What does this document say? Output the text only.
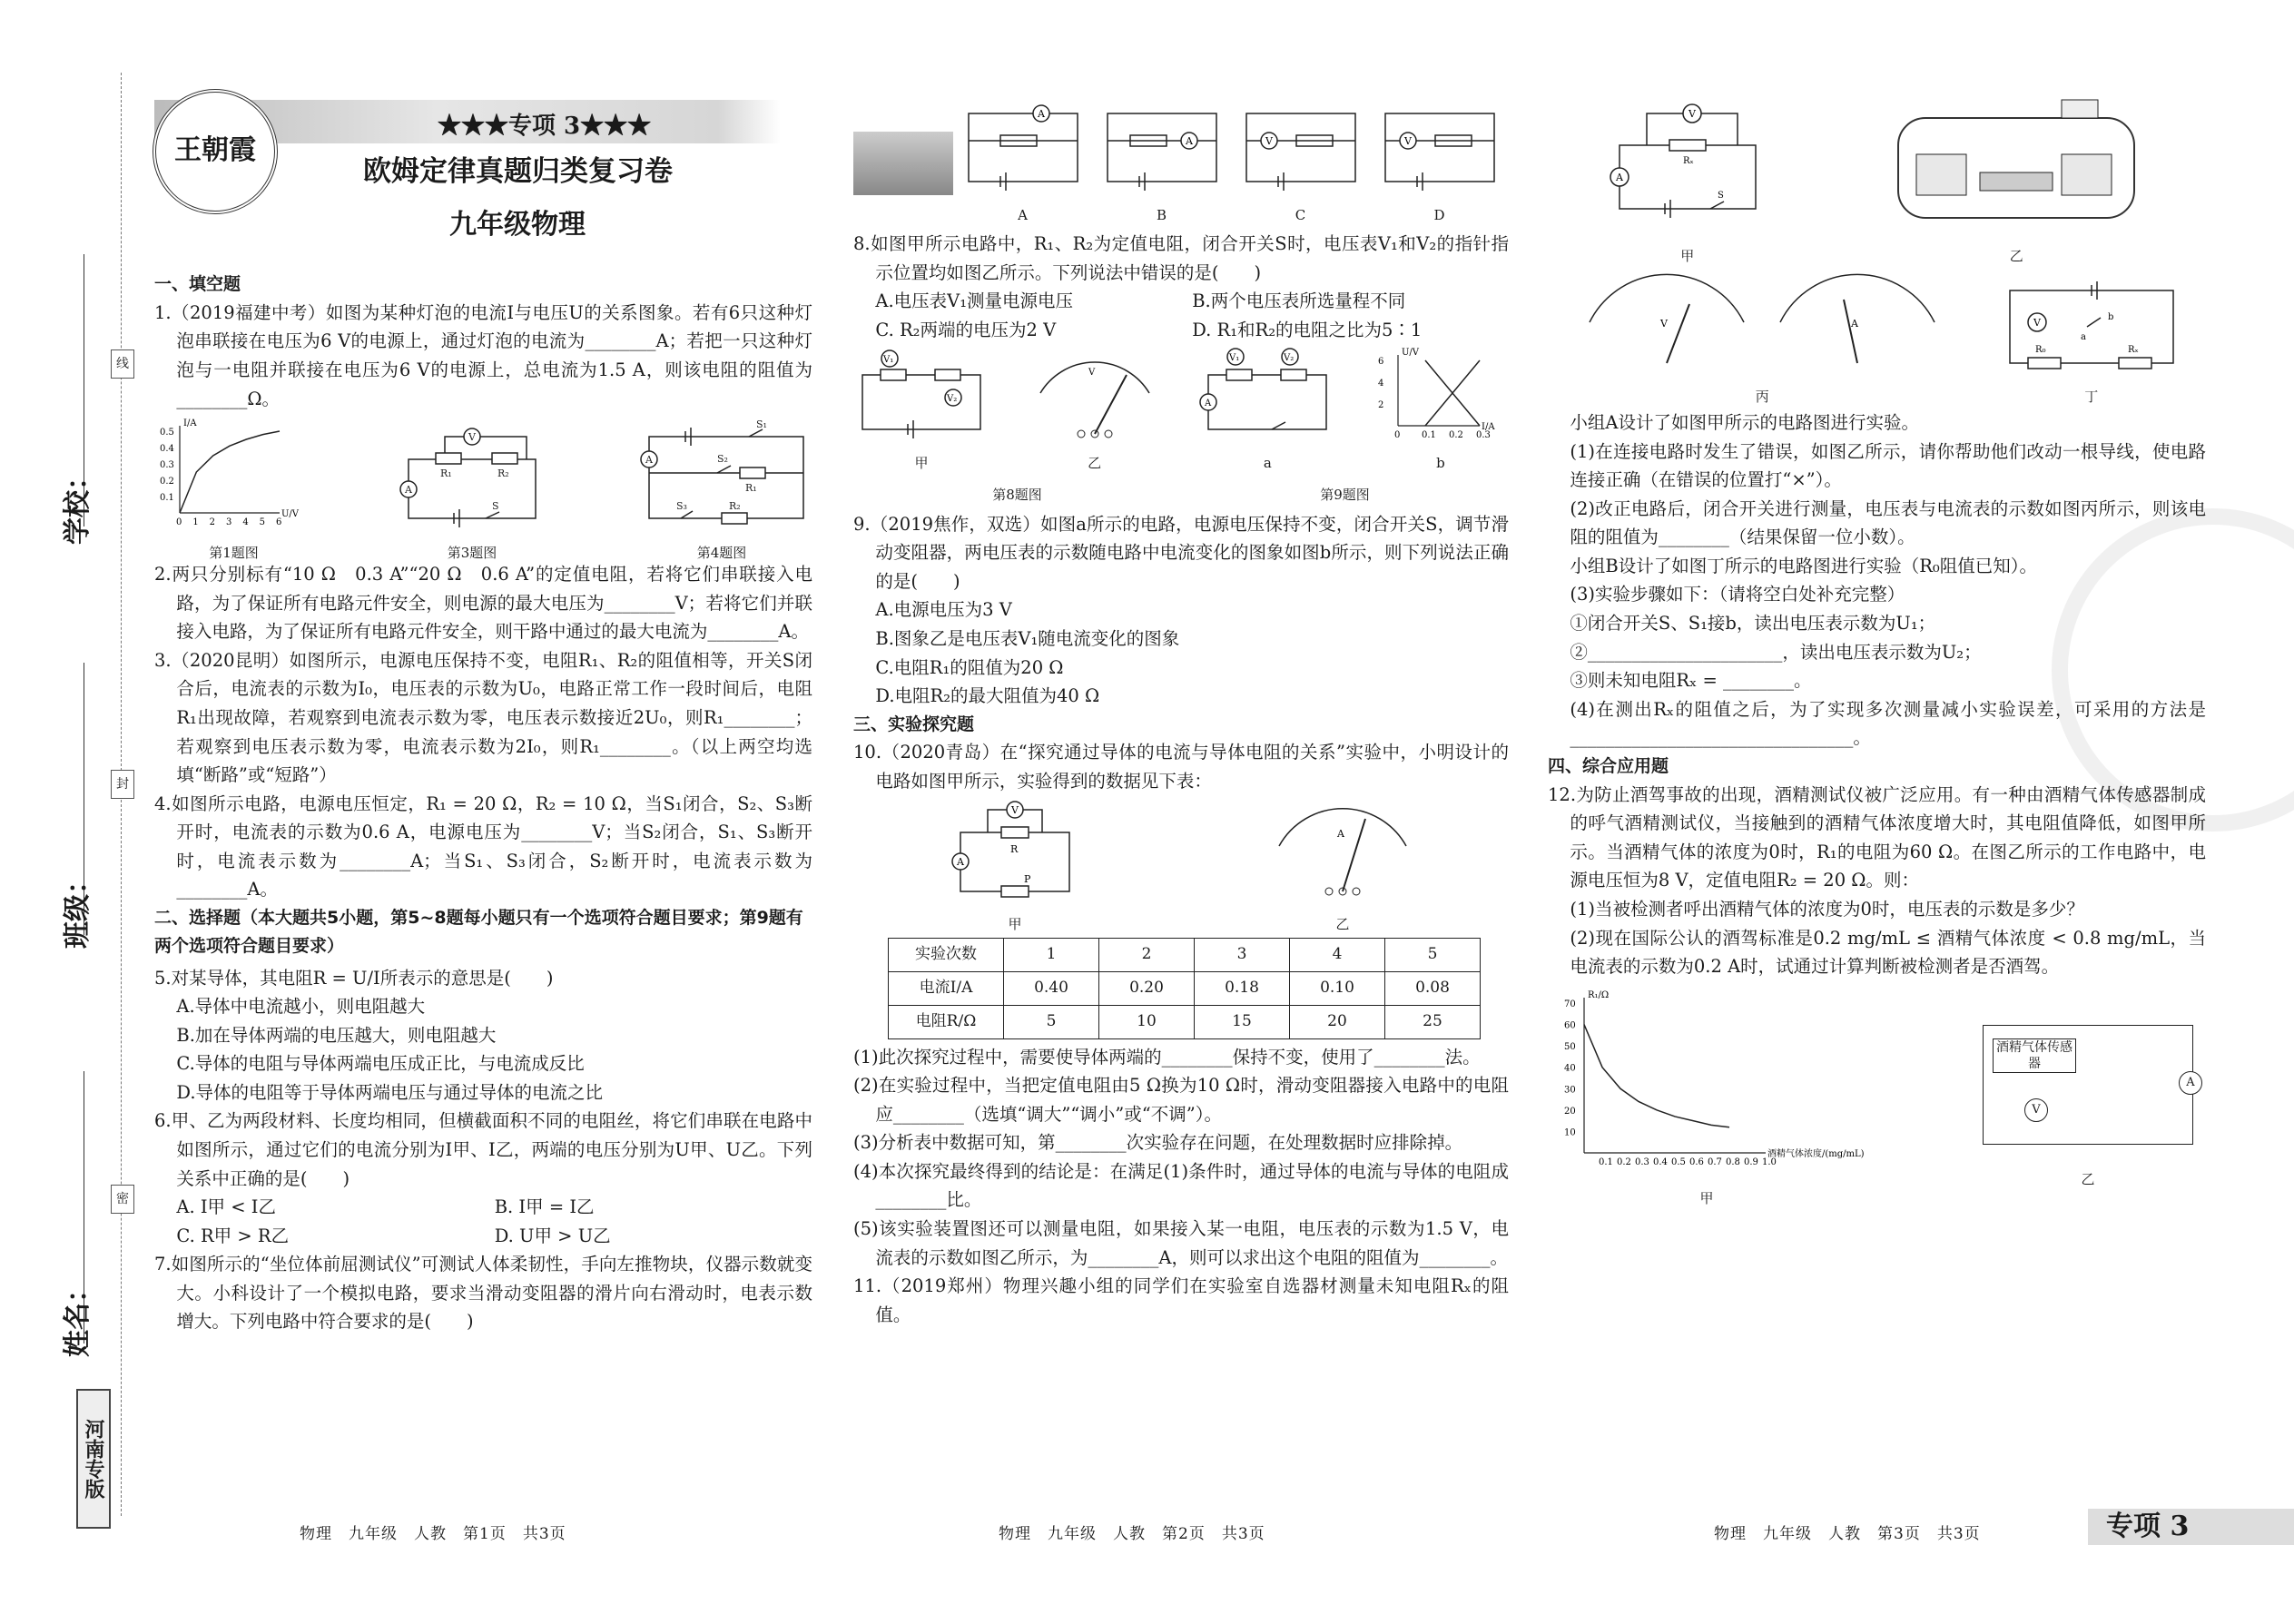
线
封
密
学校：
班级：
姓名：
河南专版
王朝霞
★★★专项 3★★★
欧姆定律真题归类复习卷
九年级物理

一、填空题

1.（2019福建中考）如图为某种灯泡的电流I与电压U的关系图象。若有6只这种灯泡串联接在电压为6 V的电源上，通过灯泡的电流为________A；若把一只这种灯泡与一电阻并联接在电压为6 V的电源上，总电流为1.5 A，则该电阻的阻值为________Ω。

0 1 2 3 4 5 6
0.1
0.2
0.3
0.4
0.5
U/V
I/A
第1题图
V
A
R₁	R₂
S
第3题图
A	S₂
S₁
R₁
R₂
S₃
第4题图

2.两只分别标有“10 Ω　0.3 A”“20 Ω　0.6 A”的定值电阻，若将它们串联接入电路，为了保证所有电路元件安全，则电源的最大电压为________V；若将它们并联接入电路，为了保证所有电路元件安全，则干路中通过的最大电流为________A。

3.（2020昆明）如图所示，电源电压保持不变，电阻R₁、R₂的阻值相等，开关S闭合后，电流表的示数为I₀，电压表的示数为U₀，电路正常工作一段时间后，电阻R₁出现故障，若观察到电流表示数为零，电压表示数接近2U₀，则R₁________；若观察到电压表示数为零，电流表示数为2I₀，则R₁________。（以上两空均选填“断路”或“短路”）

4.如图所示电路，电源电压恒定，R₁ = 20 Ω，R₂ = 10 Ω，当S₁闭合，S₂、S₃断开时，电流表的示数为0.6 A，电源电压为________V；当S₂闭合，S₁、S₃断开时，电流表示数为________A；当S₁、S₃闭合，S₂断开时，电流表示数为________A。

二、选择题（本大题共5小题，第5~8题每小题只有一个选项符合题目要求；第9题有两个选项符合题目要求）

5.对某导体，其电阻R = U/I所表示的意思是(　　)

A.导体中电流越小，则电阻越大

B.加在导体两端的电压越大，则电阻越大

C.导体的电阻与导体两端电压成正比，与电流成反比

D.导体的电阻等于导体两端电压与通过导体的电流之比

6.甲、乙为两段材料、长度均相同，但横截面积不同的电阻丝，将它们串联在电路中如图所示，通过它们的电流分别为I甲、I乙，两端的电压分别为U甲、U乙。下列关系中正确的是(　　)

A. I甲 < I乙	B. I甲 = I乙
C. R甲 > R乙	D. U甲 > U乙

7.如图所示的“坐位体前屈测试仪”可测试人体柔韧性，手向左推物块，仪器示数就变大。小科设计了一个模拟电路，要求当滑动变阻器的滑片向右滑动时，电表示数增大。下列电路中符合要求的是(　　)

物理　九年级　人教　第1页　共3页
A
A
A
B
V
C
V
D

8.如图甲所示电路中，R₁、R₂为定值电阻，闭合开关S时，电压表V₁和V₂的指针指示位置均如图乙所示。下列说法中错误的是(　　)

A.电压表V₁测量电源电压	B.两个电压表所选量程不同
C. R₂两端的电压为2 V	D. R₁和R₂的电阻之比为5∶1
V₁
V₂
甲
V
乙
V₁	V₂
A
a
0 0.1 0.2 0.3
2
4
6
I/A
U/V
b
第8题图	第9题图

9.（2019焦作，双选）如图a所示的电路，电源电压保持不变，闭合开关S，调节滑动变阻器，两电压表的示数随电路中电流变化的图象如图b所示，则下列说法正确的是(　　)

A.电源电压为3 V

B.图象乙是电压表V₁随电流变化的图象

C.电阻R₁的阻值为20 Ω

D.电阻R₂的最大阻值为40 Ω

三、实验探究题

10.（2020青岛）在“探究通过导体的电流与导体电阻的关系”实验中，小明设计的电路如图甲所示，实验得到的数据见下表：

V
A
R
P
甲
A
乙
实验次数	1	2	3	4	5
电流I/A	0.40	0.20	0.18	0.10	0.08
电阻R/Ω	5	10	15	20	25

(1)此次探究过程中，需要使导体两端的________保持不变，使用了________法。

(2)在实验过程中，当把定值电阻由5 Ω换为10 Ω时，滑动变阻器接入电路中的电阻应________（选填“调大”“调小”或“不调”）。

(3)分析表中数据可知，第________次实验存在问题，在处理数据时应排除掉。

(4)本次探究最终得到的结论是：在满足(1)条件时，通过导体的电流与导体的电阻成________比。

(5)该实验装置图还可以测量电阻，如果接入某一电阻，电压表的示数为1.5 V，电流表的示数如图乙所示，为________A，则可以求出这个电阻的阻值为________。

11.（2019郑州）物理兴趣小组的同学们在实验室自选器材测量未知电阻Rₓ的阻值。

物理　九年级　人教　第2页　共3页
V
A
Rₓ
S
甲	乙
V	A
丙
V
R₀	Rₓ
b
a
丁

小组A设计了如图甲所示的电路图进行实验。

(1)在连接电路时发生了错误，如图乙所示，请你帮助他们改动一根导线，使电路连接正确（在错误的位置打“×”）。

(2)改正电路后，闭合开关进行测量，电压表与电流表的示数如图丙所示，则该电阻的阻值为________（结果保留一位小数）。

小组B设计了如图丁所示的电路图进行实验（R₀阻值已知）。

(3)实验步骤如下：（请将空白处补充完整）

①闭合开关S、S₁接b，读出电压表示数为U₁；

②______________________，读出电压表示数为U₂；

③则未知电阻Rₓ = ________。

(4)在测出Rₓ的阻值之后，为了实现多次测量减小实验误差，可采用的方法是________________________________。

四、综合应用题

12.为防止酒驾事故的出现，酒精测试仪被广泛应用。有一种由酒精气体传感器制成的呼气酒精测试仪，当接触到的酒精气体浓度增大时，其电阻值降低，如图甲所示。当酒精气体的浓度为0时，R₁的电阻为60 Ω。在图乙所示的工作电路中，电源电压恒为8 V，定值电阻R₂ = 20 Ω。则：

(1)当被检测者呼出酒精气体的浓度为0时，电压表的示数是多少？

(2)现在国际公认的酒驾标准是0.2 mg/mL ≤ 酒精气体浓度 < 0.8 mg/mL，当电流表的示数为0.2 A时，试通过计算判断被检测者是否酒驾。

0.1 0.2 0.3 0.4 0.5 0.6 0.7 0.8 0.9 1.0
10
20
30
40
50
60
70
酒精气体浓度/(mg/mL)
R₁/Ω
甲
酒精气体传感器
V
A
乙
物理　九年级　人教　第3页　共3页	专项 3
